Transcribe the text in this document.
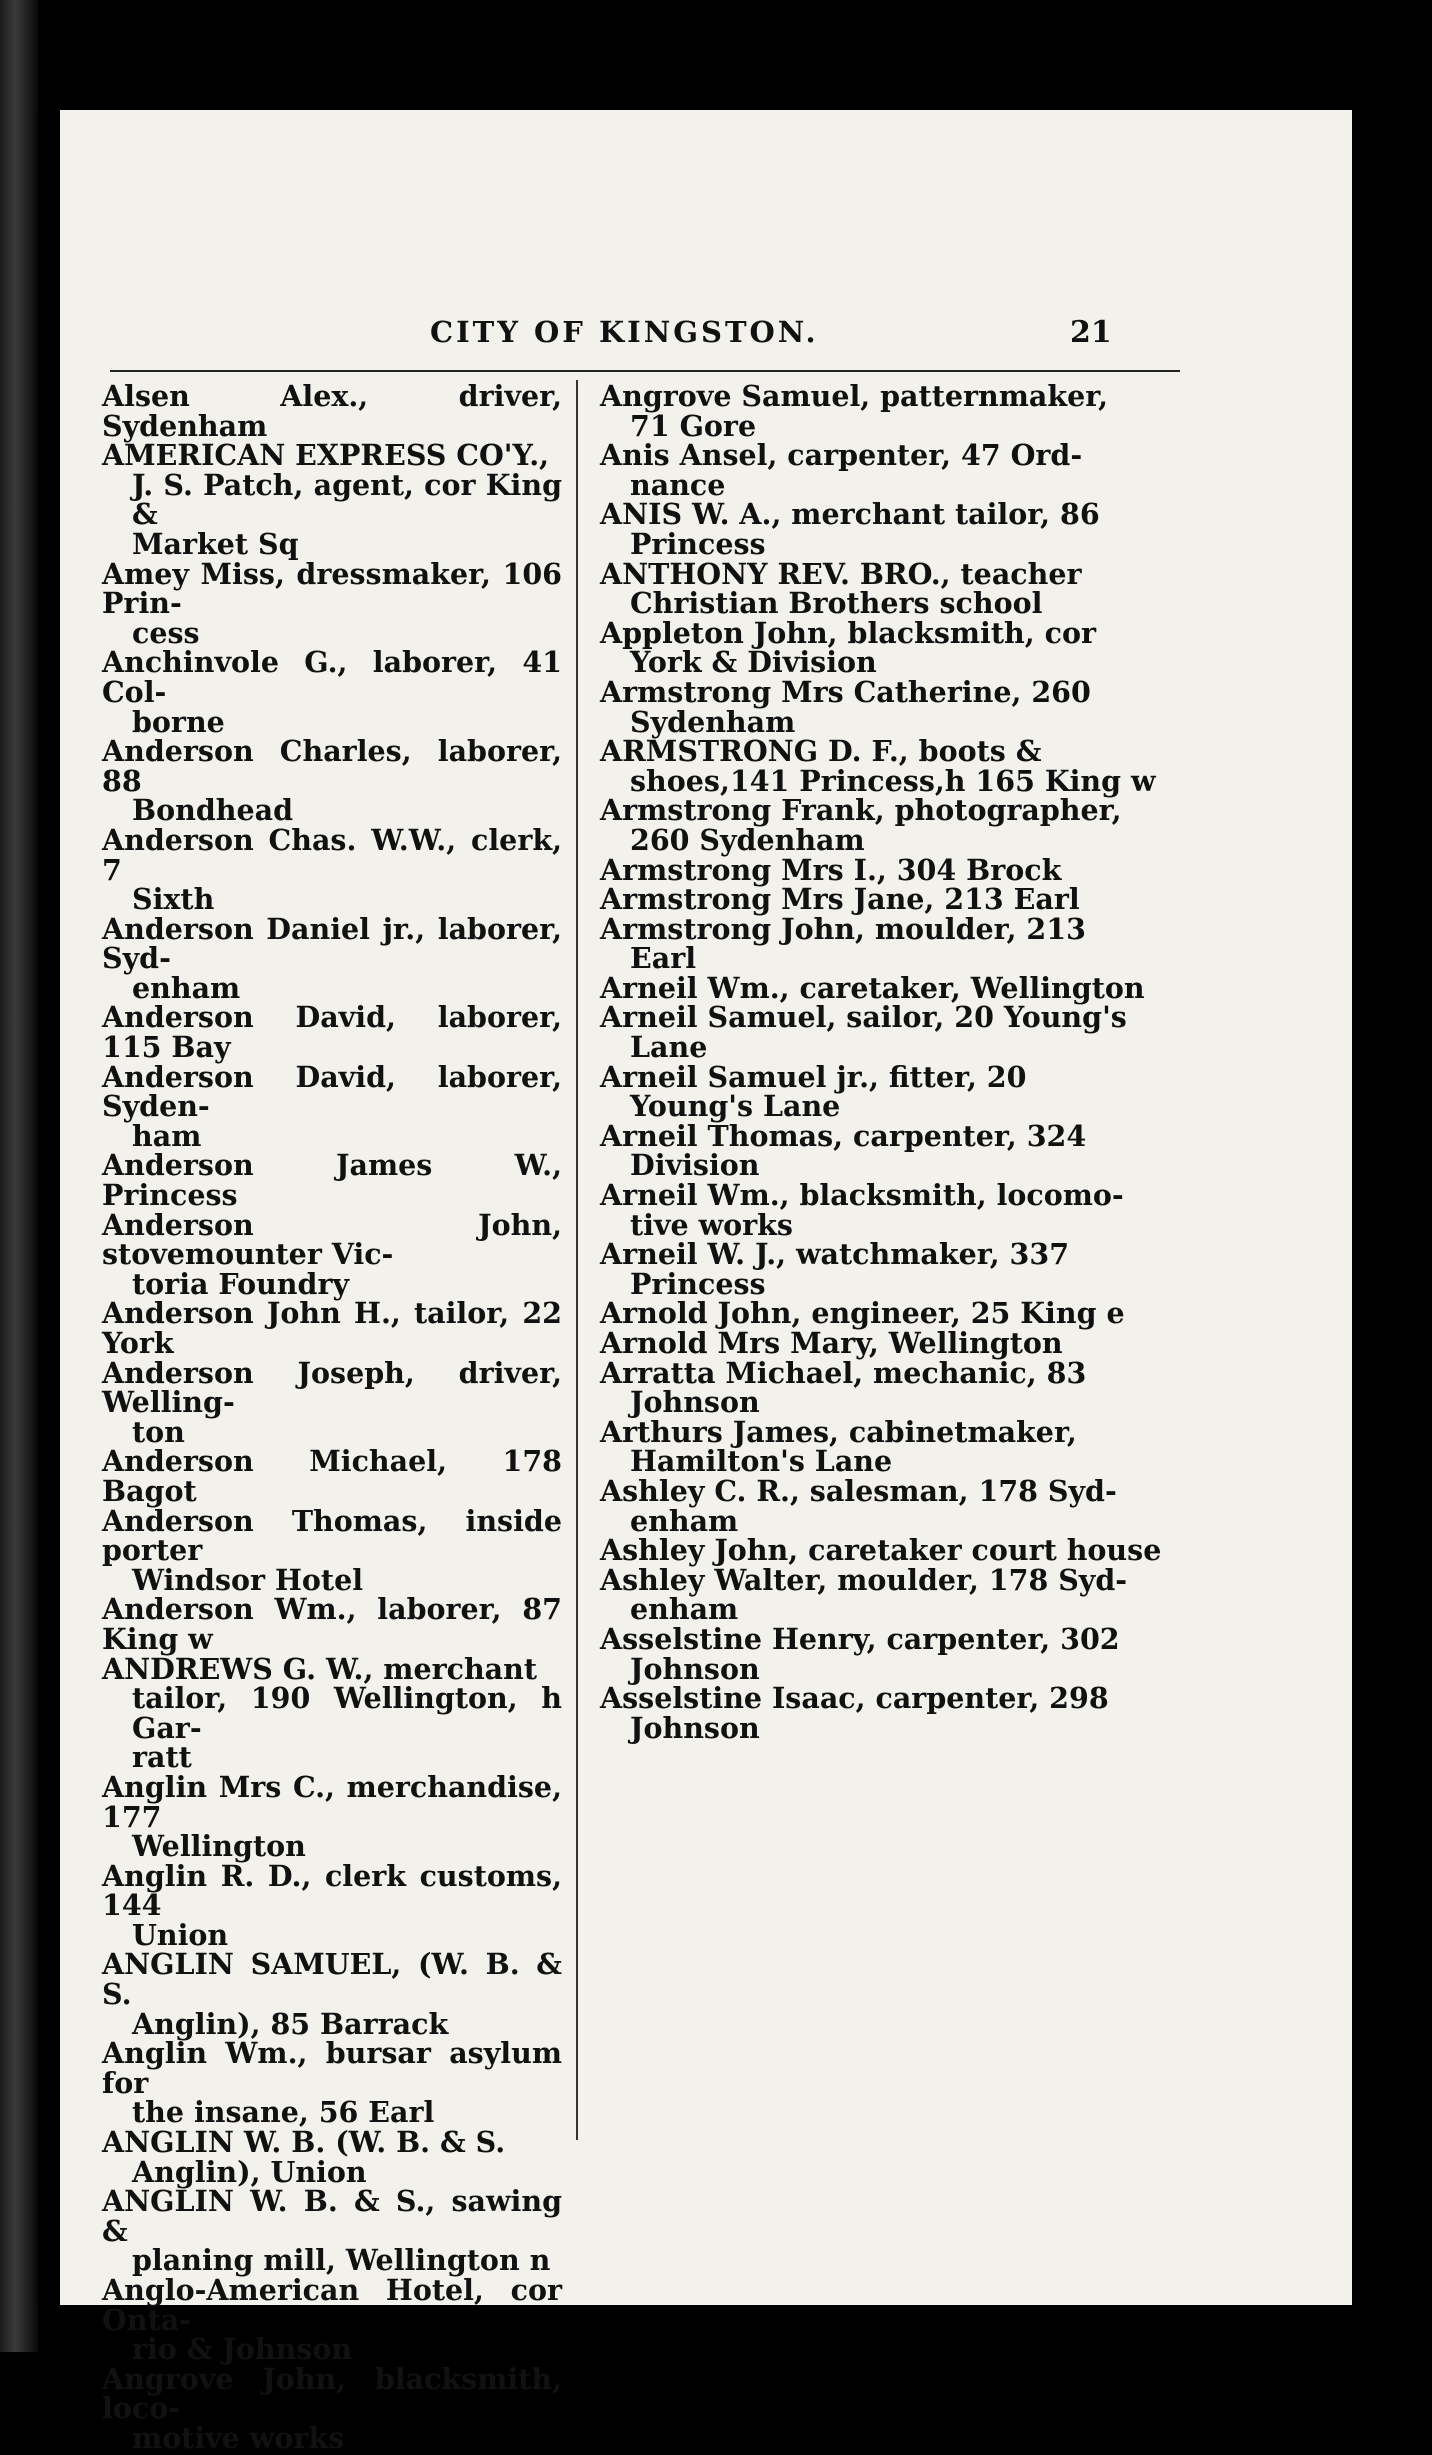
CITY OF KINGSTON.	21
Alsen Alex., driver, Sydenham
AMERICAN EXPRESS CO'Y.,
J. S. Patch, agent, cor King &
Market Sq
Amey Miss, dressmaker, 106 Prin-
cess
Anchinvole G., laborer, 41 Col-
borne
Anderson Charles, laborer, 88
Bondhead
Anderson Chas. W.W., clerk, 7
Sixth
Anderson Daniel jr., laborer, Syd-
enham
Anderson David, laborer, 115 Bay
Anderson David, laborer, Syden-
ham
Anderson James W., Princess
Anderson John, stovemounter Vic-
toria Foundry
Anderson John H., tailor, 22 York
Anderson Joseph, driver, Welling-
ton
Anderson Michael, 178 Bagot
Anderson Thomas, inside porter
Windsor Hotel
Anderson Wm., laborer, 87 King w
ANDREWS G. W., merchant
tailor, 190 Wellington, h Gar-
ratt
Anglin Mrs C., merchandise, 177
Wellington
Anglin R. D., clerk customs, 144
Union
ANGLIN SAMUEL, (W. B. & S.
Anglin), 85 Barrack
Anglin Wm., bursar asylum for
the insane, 56 Earl
ANGLIN W. B. (W. B. & S.
Anglin), Union
ANGLIN W. B. & S., sawing &
planing mill, Wellington n
Anglo-American Hotel, cor Onta-
rio & Johnson
Angrove John, blacksmith, loco-
motive works
Angrove Samuel, patternmaker,
71 Gore
Anis Ansel, carpenter, 47 Ord-
nance
ANIS W. A., merchant tailor, 86
Princess
ANTHONY REV. BRO., teacher
Christian Brothers school
Appleton John, blacksmith, cor
York & Division
Armstrong Mrs Catherine, 260
Sydenham
ARMSTRONG D. F., boots &
shoes,141 Princess,h 165 King w
Armstrong Frank, photographer,
260 Sydenham
Armstrong Mrs I., 304 Brock
Armstrong Mrs Jane, 213 Earl
Armstrong John, moulder, 213
Earl
Arneil Wm., caretaker, Wellington
Arneil Samuel, sailor, 20 Young's
Lane
Arneil Samuel jr., fitter, 20
Young's Lane
Arneil Thomas, carpenter, 324
Division
Arneil Wm., blacksmith, locomo-
tive works
Arneil W. J., watchmaker, 337
Princess
Arnold John, engineer, 25 King e
Arnold Mrs Mary, Wellington
Arratta Michael, mechanic, 83
Johnson
Arthurs James, cabinetmaker,
Hamilton's Lane
Ashley C. R., salesman, 178 Syd-
enham
Ashley John, caretaker court house
Ashley Walter, moulder, 178 Syd-
enham
Asselstine Henry, carpenter, 302
Johnson
Asselstine Isaac, carpenter, 298
Johnson
